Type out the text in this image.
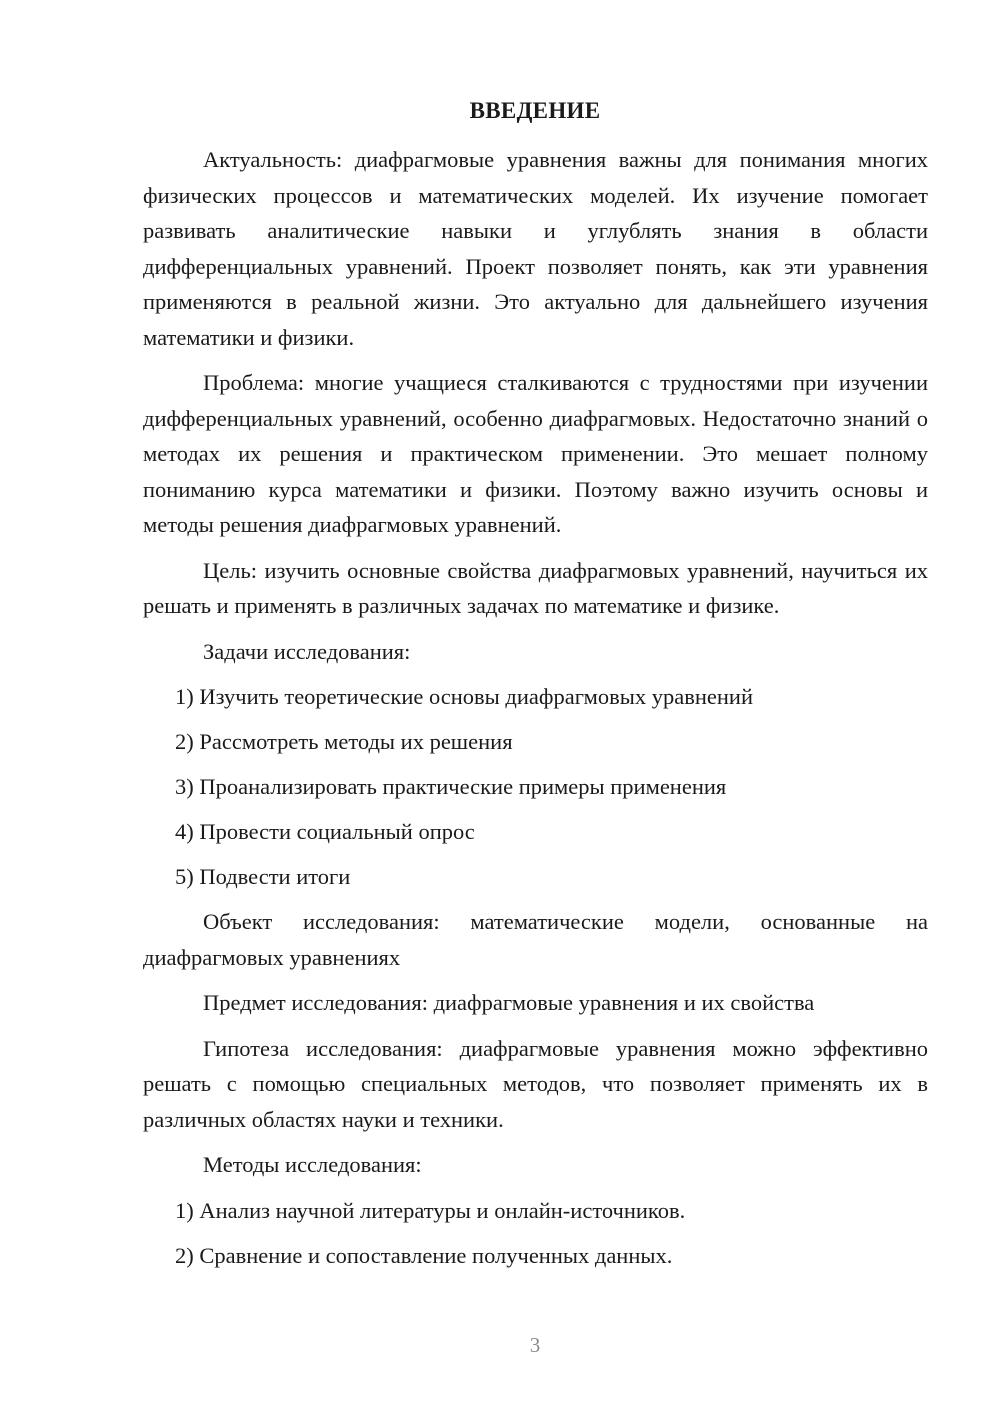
ВВЕДЕНИЕ

Актуальность: диафрагмовые уравнения важны для понимания многих физических процессов и математических моделей. Их изучение помогает развивать аналитические навыки и углублять знания в области дифференциальных уравнений. Проект позволяет понять, как эти уравнения применяются в реальной жизни. Это актуально для дальнейшего изучения математики и физики.

Проблема: многие учащиеся сталкиваются с трудностями при изучении дифференциальных уравнений, особенно диафрагмовых. Недостаточно знаний о методах их решения и практическом применении. Это мешает полному пониманию курса математики и физики. Поэтому важно изучить основы и методы решения диафрагмовых уравнений.

Цель: изучить основные свойства диафрагмовых уравнений, научиться их решать и применять в различных задачах по математике и физике.

Задачи исследования:

1) Изучить теоретические основы диафрагмовых уравнений

2) Рассмотреть методы их решения

3) Проанализировать практические примеры применения

4) Провести социальный опрос

5) Подвести итоги

Объект исследования: математические модели, основанные на диафрагмовых уравнениях

Предмет исследования: диафрагмовые уравнения и их свойства

Гипотеза исследования: диафрагмовые уравнения можно эффективно решать с помощью специальных методов, что позволяет применять их в различных областях науки и техники.

Методы исследования:

1) Анализ научной литературы и онлайн-источников.

2) Сравнение и сопоставление полученных данных.

3
